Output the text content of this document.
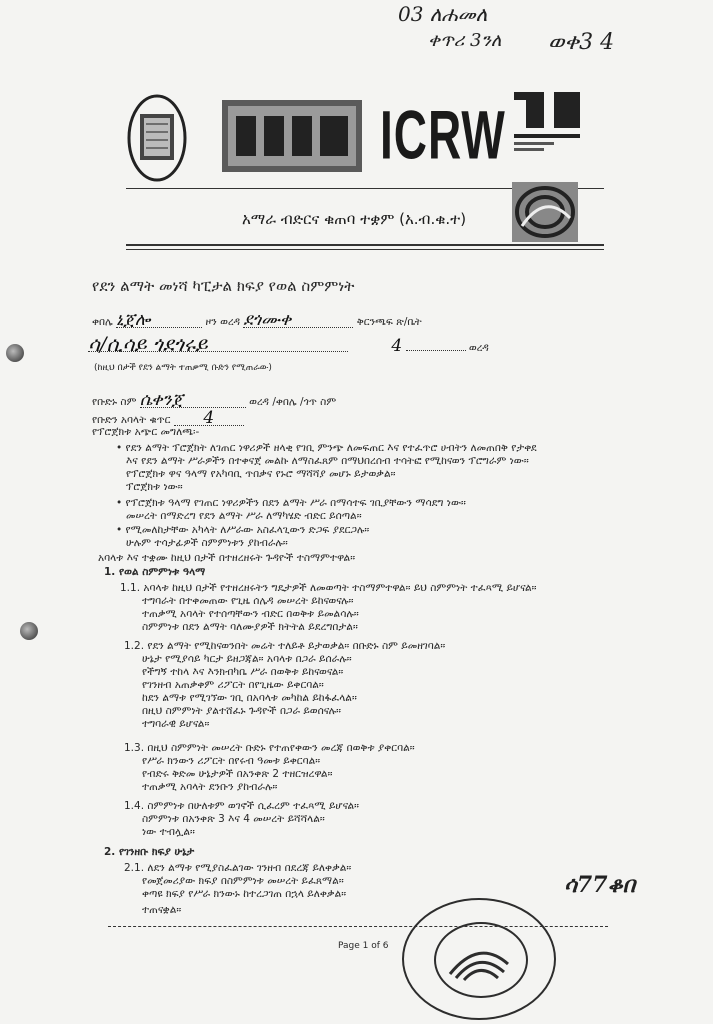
03 ለሐመለ
ቀጥሪ 3ንለ ወቀ3 4
ICRW
አማራ ብድርና ቁጠባ ተቋም (አ.ብ.ቁ.ተ)
የደን ልማት መነሻ ካፒታል ክፍያ የወል ስምምነት
ቀበሌ ኒጀሎ	ዞን ወረዳ ደጎሙቀ	ቅርንጫፍ ጽ/ቤት
ሳ/ሲሳይ ጎደጎሩይ	4	ወረዳ
(ከዚህ በታች የደን ልማት ተጠቃሚ ቡድን የሚጠራው)
የቡድኑ ስም ሴቀንጀ	ወረዳ /ቀበሌ /ጎጥ ስም
የቡድን አባላት ቁጥር 4
የፕሮጀክቱ አጭር መግለጫ፡-
• የደን ልማት ፕሮጀክት ለገጠር ነዋሪዎች ዘላቂ የገቢ ምንጭ ለመፍጠር እና የተፈጥሮ ሀብትን ለመጠበቅ የታቀደ
እና የደን ልማት ሥራዎችን በተቀናጀ መልኩ ለማስፈጸም በማህበረሰብ ተሳትፎ የሚከናወን ፕሮግራም ነው።
የፕሮጀክቱ ዋና ዓላማ የአካባቢ ጥበቃና የኑሮ ማሻሻያ መሆኑ ይታወቃል።
ፕሮጀክቱ ነው።
• የፕሮጀክቱ ዓላማ የገጠር ነዋሪዎችን በደን ልማት ሥራ በማሳተፍ ገቢያቸውን ማሳደግ ነው።
መሠረት በማድረግ የደን ልማት ሥራ ለማካሄድ ብድር ይሰጣል።
• የሚመለከታቸው አካላት ለሥራው አስፈላጊውን ድጋፍ ያደርጋሉ።
ሁሉም ተሳታፊዎች ስምምነቱን ያከብራሉ።
አባላቱ እና ተቋሙ ከዚህ በታች በተዘረዘሩት ጉዳዮች ተስማምተዋል።
1. የወል ስምምነቱ ዓላማ
1.1. አባላቱ ከዚህ በታች የተዘረዘሩትን ግዴታዎች ለመወጣት ተስማምተዋል። ይህ ስምምነት ተፈጻሚ ይሆናል።
ተግባራት በተቀመጠው የጊዜ ሰሌዳ መሠረት ይከናወናሉ።
ተጠቃሚ አባላት የተሰጣቸውን ብድር በወቅቱ ይመልሳሉ።
ስምምነቱ በደን ልማት ባለሙያዎች ክትትል ይደረግበታል።
1.2. የደን ልማት የሚከናወንበት መሬት ተለይቶ ይታወቃል። በቡድኑ ስም ይመዘገባል።
ሁኔታ የሚያሳይ ካርታ ይዘጋጃል። አባላቱ በጋራ ይሰራሉ።
የችግኝ ተከላ እና እንክብካቤ ሥራ በወቅቱ ይከናወናል።
የገንዘብ አጠቃቀም ሪፖርት በየጊዜው ይቀርባል።
ከደን ልማቱ የሚገኘው ገቢ በአባላቱ መካከል ይከፋፈላል።
በዚህ ስምምነት ያልተሸፈኑ ጉዳዮች በጋራ ይወሰናሉ።
ተግባራዊ ይሆናል።
1.3. በዚህ ስምምነት መሠረት ቡድኑ የተጠየቀውን መረጃ በወቅቱ ያቀርባል።
የሥራ ክንውን ሪፖርት በየሩብ ዓመቱ ይቀርባል።
የብድሩ ቅድመ ሁኔታዎች በአንቀጽ 2 ተዘርዝረዋል።
ተጠቃሚ አባላት ደንቡን ያከብራሉ።
1.4. ስምምነቱ በሁለቱም ወገኖች ሲፈረም ተፈጻሚ ይሆናል።
ስምምነቱ በአንቀጽ 3 እና 4 መሠረት ይሻሻላል።
ነው ተብሏል።
2. የገንዘቡ ክፍያ ሁኔታ
2.1. ለደን ልማቱ የሚያስፈልገው ገንዘብ በደረጃ ይለቀቃል።
የመጀመሪያው ክፍያ በስምምነቱ መሠረት ይፈጸማል።
ቀጣዩ ክፍያ የሥራ ክንውኑ ከተረጋገጠ በኋላ ይለቀቃል።
ተጠናቋል።
ሳ77ቆበ
Page 1 of 6
